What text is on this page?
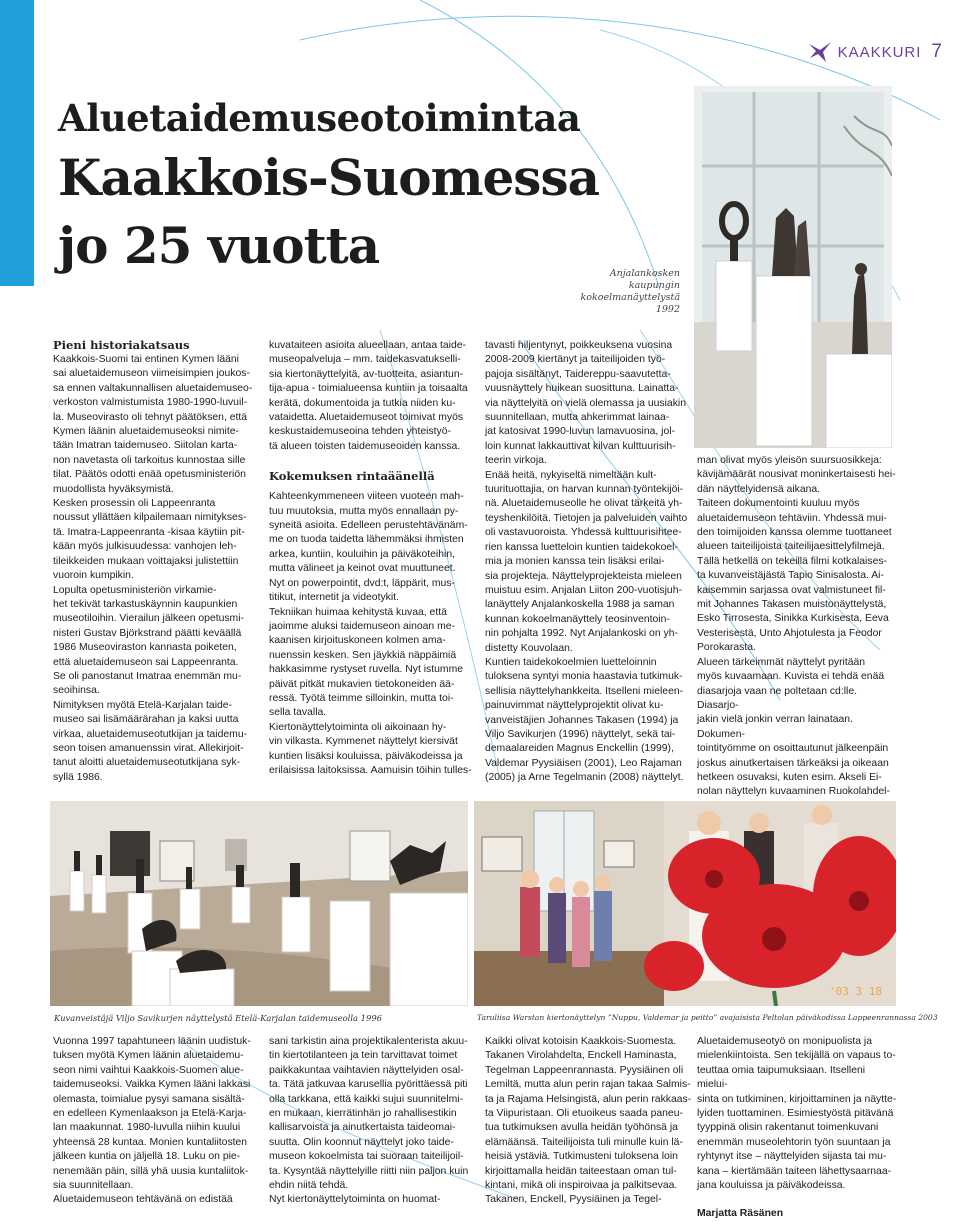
KAAKKURI 7
Aluetaidemuseotoimintaa
Kaakkois-Suomessa
jo 25 vuotta	Anjalankosken
kaupungin
kokoelmanäyttelystä
1992

Pieni historiakatsaus

Kaakkois-Suomi tai entinen Kymen lääni
sai aluetaidemuseon viimeisimpien joukos-
sa ennen valtakunnallisen aluetaidemuseo-
verkoston valmistumista 1980-1990-luvuil-
la. Museovirasto oli tehnyt päätöksen, että
Kymen läänin aluetaidemuseoksi nimite-
tään Imatran taidemuseo. Siitolan karta-
non navetasta oli tarkoitus kunnostaa sille
tilat. Päätös odotti enää opetusministeriön
muodollista hyväksymistä.
Kesken prosessin oli Lappeenranta
noussut yllättäen kilpailemaan nimitykses-
tä. Imatra-Lappeenranta -kisaa käytiin pit-
kään myös julkisuudessa: vanhojen leh-
tileikkeiden mukaan voittajaksi julistettiin
vuoroin kumpikin.
Lopulta opetusministeriön virkamie-
het tekivät tarkastuskäynnin kaupunkien
museotiloihin. Vierailun jälkeen opetusmi-
nisteri Gustav Björkstrand päätti keväällä
1986 Museoviraston kannasta poiketen,
että aluetaidemuseon sai Lappeenranta.
Se oli panostanut Imatraa enemmän mu-
seoihinsa.
Nimityksen myötä Etelä-Karjalan taide-
museo sai lisämäärärahan ja kaksi uutta
virkaa, aluetaidemuseotutkijan ja taidemu-
seon toisen amanuenssin virat. Allekirjoit-
tanut aloitti aluetaidemuseotutkijana syk-
syllä 1986.
kuvataiteen asioita alueellaan, antaa taide-
museopalveluja – mm. taidekasvatukselli-
sia kiertonäyttelyitä, av-tuotteita, asiantun-
tija-apua - toimialueensa kuntiin ja toisaalta
kerätä, dokumentoida ja tutkia niiden ku-
vataidetta. Aluetaidemuseot toimivat myös
keskustaidemuseoina tehden yhteistyö-
tä alueen toisten taidemuseoiden kanssa.

Kokemuksen rintaäänellä

Kahteenkymmeneen viiteen vuoteen mah-
tuu muutoksia, mutta myös ennallaan py-
syneitä asioita. Edelleen perustehtävänäm-
me on tuoda taidetta lähemmäksi ihmisten
arkea, kuntiin, kouluihin ja päiväkoteihin,
mutta välineet ja keinot ovat muuttuneet.
Nyt on powerpointit, dvd:t, läppärit, mus-
titikut, internetit ja videotykit.
Tekniikan huimaa kehitystä kuvaa, että
jaoimme aluksi taidemuseon ainoan me-
kaanisen kirjoituskoneen kolmen ama-
nuenssin kesken. Sen jäykkiä näppäimiä
hakkasimme rystyset ruvella. Nyt istumme
päivät pitkät mukavien tietokoneiden ää-
ressä. Työtä teimme silloinkin, mutta toi-
sella tavalla.
Kiertonäyttelytoiminta oli aikoinaan hy-
vin vilkasta. Kymmenet näyttelyt kiersivät
kuntien lisäksi kouluissa, päiväkodeissa ja
erilaisissa laitoksissa. Aamuisin töihin tulles-
tavasti hiljentynyt, poikkeuksena vuosina
2008-2009 kiertänyt ja taiteilijoiden työ-
pajoja sisältänyt, Taidereppu-saavutetta-
vuusnäyttely huikean suosittuna. Lainatta-
via näyttelyitä on vielä olemassa ja uusiakin
suunnitellaan, mutta ahkerimmat lainaa-
jat katosivat 1990-luvun lamavuosina, jol-
loin kunnat lakkauttivat kilvan kulttuurisih-
teerin virkoja.
Enää heitä, nykyiseltä nimeltään kult-
tuurituottajia, on harvan kunnan työntekijöi-
nä. Aluetaidemuseolle he olivat tärkeitä yh-
teyshenkilöitä. Tietojen ja palveluiden vaihto
oli vastavuoroista. Yhdessä kulttuurisihtee-
rien kanssa luetteloin kuntien taidekokoel-
mia ja monien kanssa tein lisäksi erilai-
sia projekteja. Näyttelyprojekteista mieleen
muistuu esim. Anjalan Liiton 200-vuotisjuh-
lanäyttely Anjalankoskella 1988 ja saman
kunnan kokoelmanäyttely teosinventoin-
nin pohjalta 1992. Nyt Anjalankoski on yh-
distetty Kouvolaan.
Kuntien taidekokoelmien luetteloinnin
tuloksena syntyi monia haastavia tutkimuk-
sellisia näyttelyhankkeita. Itselleni mieleen-
painuvimmat näyttelyprojektit olivat ku-
vanveistäjien Johannes Takasen (1994) ja
Viljo Savikurjen (1996) näyttelyt, sekä tai-
demaalareiden Magnus Enckellin (1999),
Valdemar Pyysiäisen (2001), Leo Rajaman
(2005) ja Arne Tegelmanin (2008) näyttelyt.
man olivat myös yleisön suursuosikkeja:
kävijämäärät nousivat moninkertaisesti hei-
dän näyttelyidensä aikana.
Taiteen dokumentointi kuuluu myös
aluetaidemuseon tehtäviin. Yhdessä mui-
den toimijoiden kanssa olemme tuottaneet
alueen taiteilijoista taiteilijaesittelyfilmejä.
Tällä hetkellä on tekeillä filmi kotkalaises-
ta kuvanveistäjästä Tapio Sinisalosta. Ai-
kaisemmin sarjassa ovat valmistuneet fil-
mit Johannes Takasen muistonäyttelystä,
Esko Tirrosesta, Sinikka Kurkisesta, Eeva
Vesterisestä, Unto Ahjotulesta ja Feodor
Porokarasta.
Alueen tärkeimmät näyttelyt pyritään
myös kuvaamaan. Kuvista ei tehdä enää
diasarjoja vaan ne poltetaan cd:lle. Diasarjo-
jakin vielä jonkin verran lainataan. Dokumen-
tointityömme on osoittautunut jälkeenpäin
joskus ainutkertaisen tärkeäksi ja oikeaan
hetkeen osuvaksi, kuten esim. Akseli Ei-
nolan näyttelyn kuvaaminen Ruokolahdel-
'03 3 18
Kuvanveistäjä Viljo Savikurjen näyttelystä Etelä-Karjalan taidemuseolla 1996	Taruliisa Warstan kiertonäyttelyn ”Nuppu, Valdemar ja peitto” avajaisista Peltolan päiväkodissa Lappeenrannassa 2003
Vuonna 1997 tapahtuneen läänin uudistuk-
tuksen myötä Kymen läänin aluetaidemu-
seon nimi vaihtui Kaakkois-Suomen alue-
taidemuseoksi. Vaikka Kymen lääni lakkasi
olemasta, toimialue pysyi samana sisältä-
en edelleen Kymenlaakson ja Etelä-Karja-
lan maakunnat. 1980-luvulla niihin kuului
yhteensä 28 kuntaa. Monien kuntaliitosten
jälkeen kuntia on jäljellä 18. Luku on pie-
nenemään päin, sillä yhä uusia kuntaliitok-
sia suunnitellaan.
Aluetaidemuseon tehtävänä on edistää
sani tarkistin aina projektikalenterista akuu-
tin kiertotilanteen ja tein tarvittavat toimet
paikkakuntaa vaihtavien näyttelyiden osal-
ta. Tätä jatkuvaa karusellia pyörittäessä piti
olla tarkkana, että kaikki sujui suunnitelmi-
en mukaan, kierrätinhän jo rahallisestikin
kallisarvoista ja ainutkertaista taideomai-
suutta. Olin koonnut näyttelyt joko taide-
museon kokoelmista tai suoraan taiteilijoil-
ta. Kysyntää näyttelyille riitti niin paljon kuin
ehdin niitä tehdä.
Nyt kiertonäyttelytoiminta on huomat-
Kaikki olivat kotoisin Kaakkois-Suomesta.
Takanen Virolahdelta, Enckell Haminasta,
Tegelman Lappeenrannasta. Pyysiäinen oli
Lemiltä, mutta alun perin rajan takaa Salmis-
ta ja Rajama Helsingistä, alun perin rakkaas-
ta Viipuristaan. Oli etuoikeus saada paneu-
tua tutkimuksen avulla heidän työhönsä ja
elämäänsä. Taiteilijoista tuli minulle kuin lä-
heisiä ystäviä. Tutkimusteni tuloksena loin
kirjoittamalla heidän taiteestaan oman tul-
kintani, mikä oli inspiroivaa ja palkitsevaa.
Takanen, Enckell, Pyysiäinen ja Tegel-
Aluetaidemuseotyö on monipuolista ja
mielenkiintoista. Sen tekijällä on vapaus to-
teuttaa omia taipumuksiaan. Itselleni mielui-
sinta on tutkiminen, kirjoittaminen ja näytte-
lyiden tuottaminen. Esimiestyöstä pitävänä
tyyppinä olisin rakentanut toimenkuvani
enemmän museolehtorin työn suuntaan ja
ryhtynyt itse – näyttelyiden sijasta tai mu-
kana – kiertämään taiteen lähettysaarnaa-
jana kouluissa ja päiväkodeissa.
Marjatta Räsänen
